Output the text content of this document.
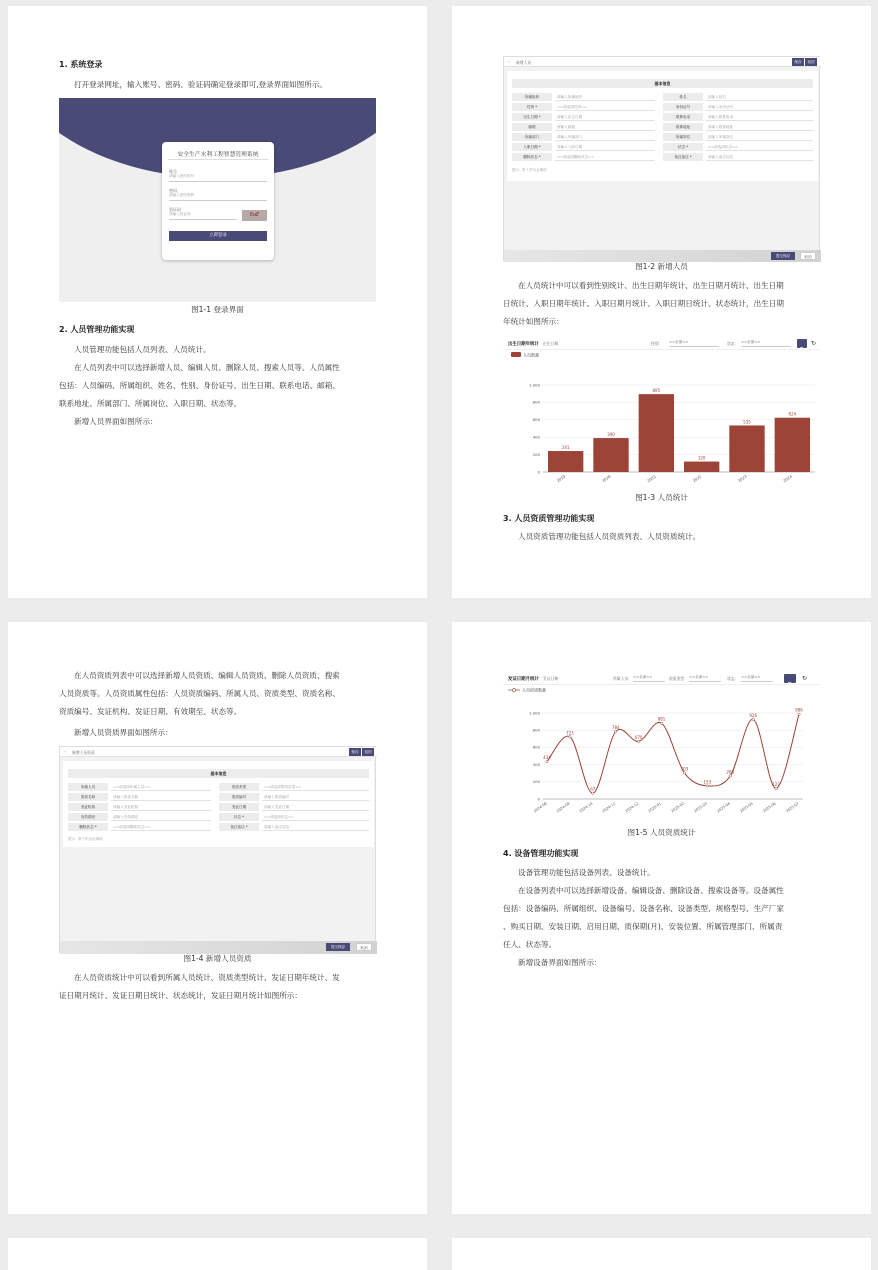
1. 系统登录
打开登录网址，输入账号、密码、验证码确定登录即可,登录界面如图所示。
安全生产水利工程智慧管理系统
账号
请输入您的账号
密码
请输入您的密码
验证码
请输入验证码	8aE
立即登录
图1-1 登录界面
2. 人员管理功能实现
人员管理功能包括人员列表、人员统计。
在人员列表中可以选择新增人员、编辑人员、删除人员、搜索人员等。人员属性
包括：人员编码、所属组织、姓名、性别、身份证号、出生日期、联系电话、邮箱、
联系地址、所属部门、所属岗位、入职日期、状态等。
新增人员界面如图所示：
‹ 新增人员	保存	返回
基本信息
所属组织	请输入所属组织	姓名	请输入姓名
性别 *	==请选择性别==	身份证号	请输入身份证号
出生日期 *	请输入出生日期	联系电话	请输入联系电话
邮箱	请输入邮箱	联系地址	请输入联系地址
所属部门	请输入所属部门	所属岗位	请输入所属岗位
入职日期 *	请输入入职日期	状态 *	==请选择状态==
删除状态 *	==请选择删除状态==	备注备注 *	请输入备注信息
提示：带 * 的为必填项
提交保存	取消
图1-2 新增人员
在人员统计中可以看到性别统计、出生日期年统计、出生日期月统计、出生日期
日统计、入职日期年统计、入职日期月统计、入职日期日统计、状态统计，出生日期
年统计如图所示：
出生日期年统计 出生日期：	性别： ==全部==	状态： ==全部==	↻
0
200
400
600
800
1,000
人员数量
241
2019
390
2020
895
2021
120
2022
535
2023
624
2024
图1-3 人员统计
3. 人员资质管理功能实现
人员资质管理功能包括人员资质列表、人员资质统计。
在人员资质列表中可以选择新增人员资质、编辑人员资质、删除人员资质、搜索
人员资质等。人员资质属性包括：人员资质编码、所属人员、资质类型、资质名称、
资质编号、发证机构、发证日期、有效期至、状态等。
新增人员资质界面如图所示：
‹ 新增人员资质	保存	返回
基本信息
所属人员	==请选择所属人员==	资质类型	==请选择资质类型==
资质名称	请输入资质名称	资质编号	请输入资质编号
发证机构	请输入发证机构	发证日期	请输入发证日期
有效期至	请输入有效期至	状态 *	==请选择状态==
删除状态 *	==请选择删除状态==	备注备注 *	请输入备注信息
提示：带 * 的为必填项
提交保存	取消
图1-4 新增人员资质
在人员资质统计中可以看到所属人员统计、资质类型统计、发证日期年统计、发
证日期月统计、发证日期日统计、状态统计，发证日期月统计如图所示：
发证日期月统计 发证日期：	所属人员： ==全部==	资质类型： ==全部==	状态： ==全部==	↻
0
200
400
600
800
1,000
人员资质数量
434
2024-08
723
2024-09
67
2024-10
784
2024-11
670
2024-12
881
2025-01
303
2025-02
153
2025-03
268
2025-04
926
2025-05
122
2025-06
986
2025-07
图1-5 人员资质统计
4. 设备管理功能实现
设备管理功能包括设备列表、设备统计。
在设备列表中可以选择新增设备、编辑设备、删除设备、搜索设备等。设备属性
包括：设备编码、所属组织、设备编号、设备名称、设备类型、规格型号、生产厂家
、购买日期、安装日期、启用日期、质保期(月)、安装位置、所属管理部门、所属责
任人、状态等。
新增设备界面如图所示：
